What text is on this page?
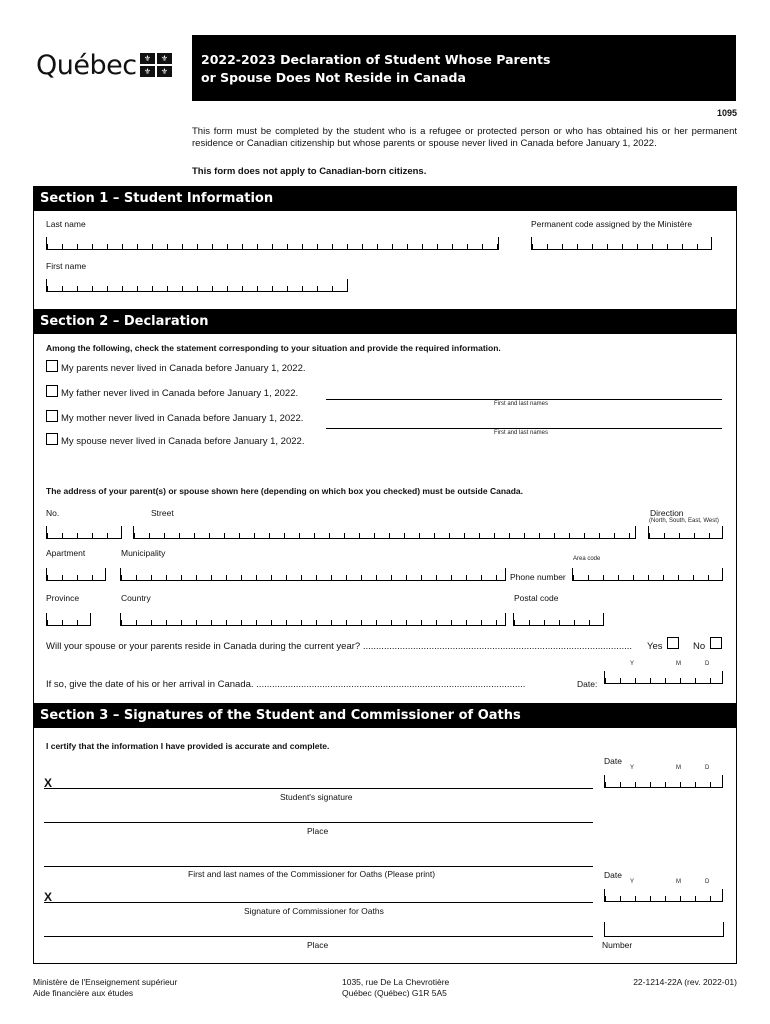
Québec ⚜	⚜
⚜	⚜
2022-2023 Declaration of Student Whose Parents
or Spouse Does Not Reside in Canada
1095
This form must be completed by the student who is a refugee or protected person or who has obtained his or her permanent residence or Canadian citizenship but whose parents or spouse never lived in Canada before January 1, 2022.
This form does not apply to Canadian-born citizens.
Section 1 – Student Information
Last name	Permanent code assigned by the Ministère
First name
Section 2 – Declaration
Among the following, check the statement corresponding to your situation and provide the required information.
My parents never lived in Canada before January 1, 2022.
My father never lived in Canada before January 1, 2022.
First and last names
My mother never lived in Canada before January 1, 2022.
First and last names
My spouse never lived in Canada before January 1, 2022.
The address of your parent(s) or spouse shown here (depending on which box you checked) must be outside Canada.
No.	Street	Direction
(North, South, East, West)
Apartment	Municipality
Area code
Phone number
Province	Country	Postal code
Will your spouse or your parents reside in Canada during the current year? ......................................................................................................	Yes	No
Y	M	D
If so, give the date of his or her arrival in Canada. ......................................................................................................	Date:
Section 3 – Signatures of the Student and Commissioner of Oaths
I certify that the information I have provided is accurate and complete.
Date
Y	M	D
X
Student's signature
Place
First and last names of the Commissioner for Oaths (Please print)	Date
Y	M	D
X
Signature of Commissioner for Oaths
Place	Number
Ministère de l'Enseignement supérieur
Aide financière aux études
1035, rue De La Chevrotière
Québec (Québec) G1R 5A5
22-1214-22A (rev. 2022-01)
